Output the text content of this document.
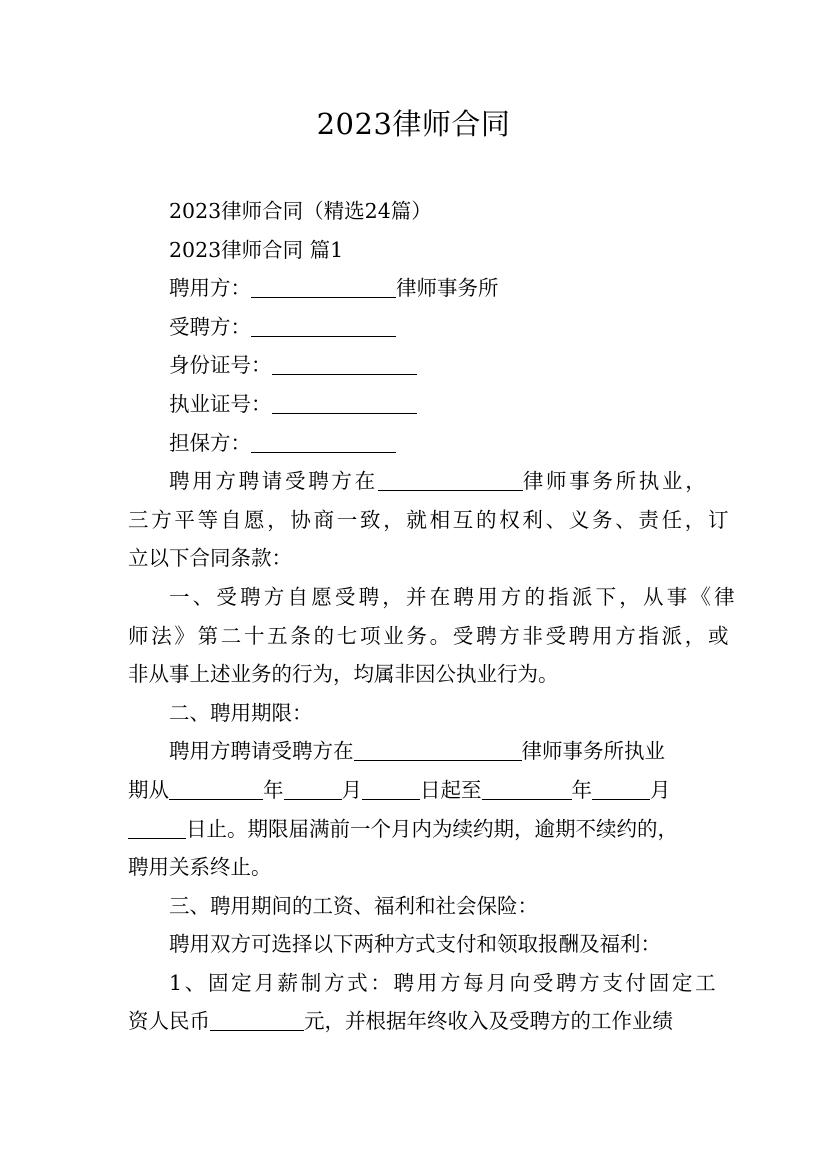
2023律师合同
2023律师合同（精选24篇）
2023律师合同 篇1
聘用方：	律师事务所
受聘方：
身份证号：
执业证号：
担保方：
聘用方聘请受聘方在	律师事务所执业，
三方平等自愿，协商一致，就相互的权利、义务、责任，订
立以下合同条款：
一、受聘方自愿受聘，并在聘用方的指派下，从事《律
师法》第二十五条的七项业务。受聘方非受聘用方指派，或
非从事上述业务的行为，均属非因公执业行为。
二、聘用期限：
聘用方聘请受聘方在	律师事务所执业
期从	年	月	日起至	年	月
日止。期限届满前一个月内为续约期，逾期不续约的，
聘用关系终止。
三、聘用期间的工资、福利和社会保险：
聘用双方可选择以下两种方式支付和领取报酬及福利：
1、固定月薪制方式：聘用方每月向受聘方支付固定工
资人民币	元，并根据年终收入及受聘方的工作业绩
